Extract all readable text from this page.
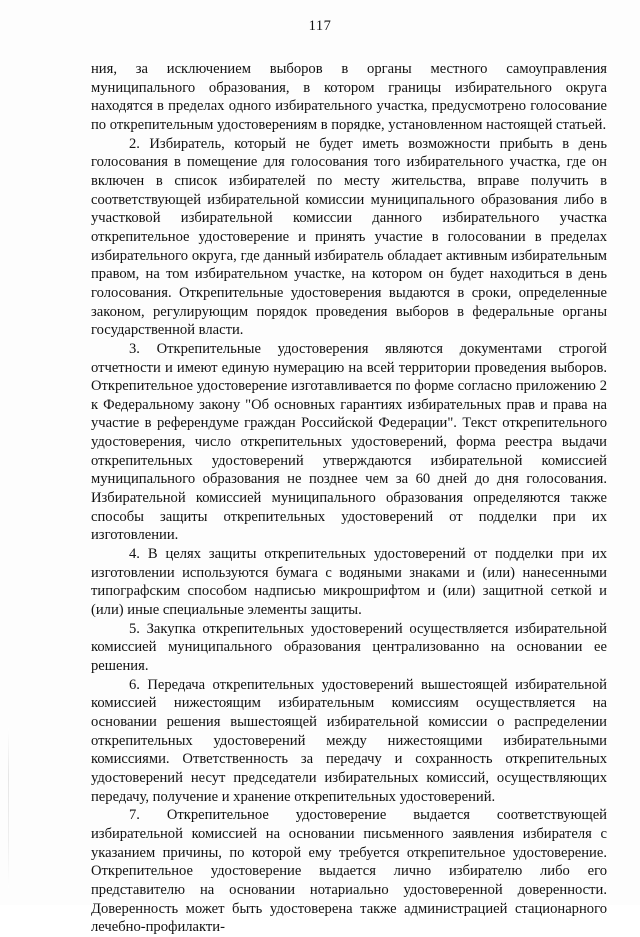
117

ния, за исключением выборов в органы местного самоуправления муниципального образования, в котором границы избирательного округа находятся в пределах одного избирательного участка, предусмотрено голосование по открепительным удостоверениям в порядке, установленном настоящей статьей.

2. Избиратель, который не будет иметь возможности прибыть в день голосования в помещение для голосования того избирательного участка, где он включен в список избирателей по месту жительства, вправе получить в соответствующей избирательной комиссии муниципального образования либо в участковой избирательной комиссии данного избирательного участка открепительное удостоверение и принять участие в голосовании в пределах избирательного округа, где данный избиратель обладает активным избирательным правом, на том избирательном участке, на котором он будет находиться в день голосования. Открепительные удостоверения выдаются в сроки, определенные законом, регулирующим порядок проведения выборов в федеральные органы государственной власти.

3. Открепительные удостоверения являются документами строгой отчетности и имеют единую нумерацию на всей территории проведения выборов. Открепительное удостоверение изготавливается по форме согласно приложению 2 к Федеральному закону "Об основных гарантиях избирательных прав и права на участие в референдуме граждан Российской Федерации". Текст открепительного удостоверения, число открепительных удостоверений, форма реестра выдачи открепительных удостоверений утверждаются избирательной комиссией муниципального образования не позднее чем за 60 дней до дня голосования. Избирательной комиссией муниципального образования определяются также способы защиты открепительных удостоверений от подделки при их изготовлении.

4. В целях защиты открепительных удостоверений от подделки при их изготовлении используются бумага с водяными знаками и (или) нанесенными типографским способом надписью микрошрифтом и (или) защитной сеткой и (или) иные специальные элементы защиты.

5. Закупка открепительных удостоверений осуществляется избирательной комиссией муниципального образования централизованно на основании ее решения.

6. Передача открепительных удостоверений вышестоящей избирательной комиссией нижестоящим избирательным комиссиям осуществляется на основании решения вышестоящей избирательной комиссии о распределении открепительных удостоверений между нижестоящими избирательными комиссиями. Ответственность за передачу и сохранность открепительных удостоверений несут председатели избирательных комиссий, осуществляющих передачу, получение и хранение открепительных удостоверений.

7. Открепительное удостоверение выдается соответствующей избирательной комиссией на основании письменного заявления избирателя с указанием причины, по которой ему требуется открепительное удостоверение. Открепительное удостоверение выдается лично избирателю либо его представителю на основании нотариально удостоверенной доверенности. Доверенность может быть удостоверена также администрацией стационарного лечебно-профилакти-
